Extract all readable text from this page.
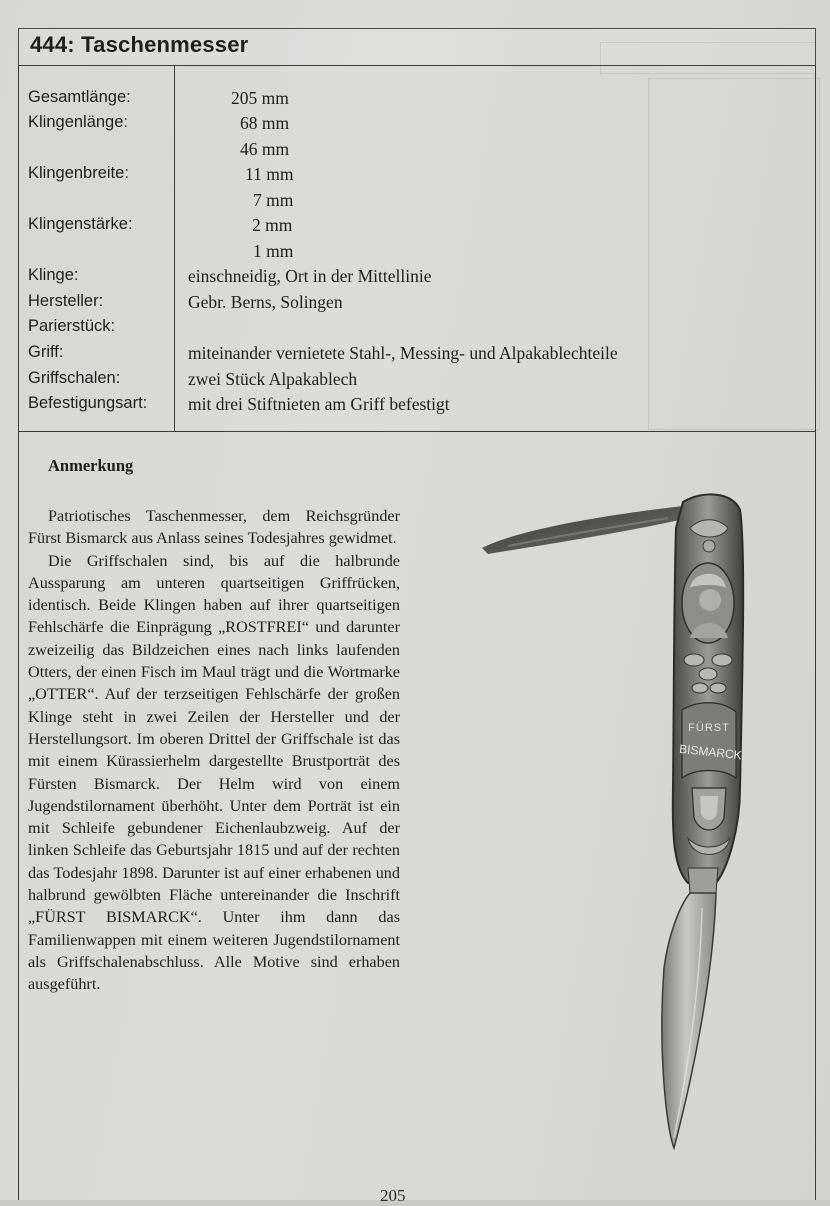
444: Taschenmesser
Gesamtlänge:	205 mm
Klingenlänge:	68 mm
46 mm
Klingenbreite:	11 mm
7 mm
Klingenstärke:	2 mm
1 mm
Klinge:	einschneidig, Ort in der Mittellinie
Hersteller:	Gebr. Berns, Solingen
Parierstück:
Griff:	miteinander vernietete Stahl-, Messing- und Alpakablechteile
Griffschalen:	zwei Stück Alpakablech
Befestigungsart: mit drei Stiftnieten am Griff befestigt
Anmerkung

Patriotisches Taschenmesser, dem Reichsgründer Fürst Bismarck aus Anlass seines Todesjahres gewidmet.

Die Griffschalen sind, bis auf die halbrunde Aussparung am unteren quartseitigen Griffrücken, identisch. Beide Klingen haben auf ihrer quartseitigen Fehlschärfe die Einprägung „ROSTFREI“ und darunter zweizeilig das Bildzeichen eines nach links laufenden Otters, der einen Fisch im Maul trägt und die Wortmarke „OTTER“. Auf der terzseitigen Fehlschärfe der großen Klinge steht in zwei Zeilen der Hersteller und der Herstellungsort. Im oberen Drittel der Griffschale ist das mit einem Kürassierhelm dargestellte Brustporträt des Fürsten Bismarck. Der Helm wird von einem Jugendstilornament überhöht. Unter dem Porträt ist ein mit Schleife gebundener Eichenlaubzweig. Auf der linken Schleife das Geburtsjahr 1815 und auf der rechten das Todesjahr 1898. Darunter ist auf einer erhabenen und halbrund gewölbten Fläche untereinander die Inschrift „FÜRST BISMARCK“. Unter ihm dann das Familienwappen mit einem weiteren Jugendstilornament als Griffschalenabschluss. Alle Motive sind erhaben ausgeführt.

FÜRST
BISMARCK
205
